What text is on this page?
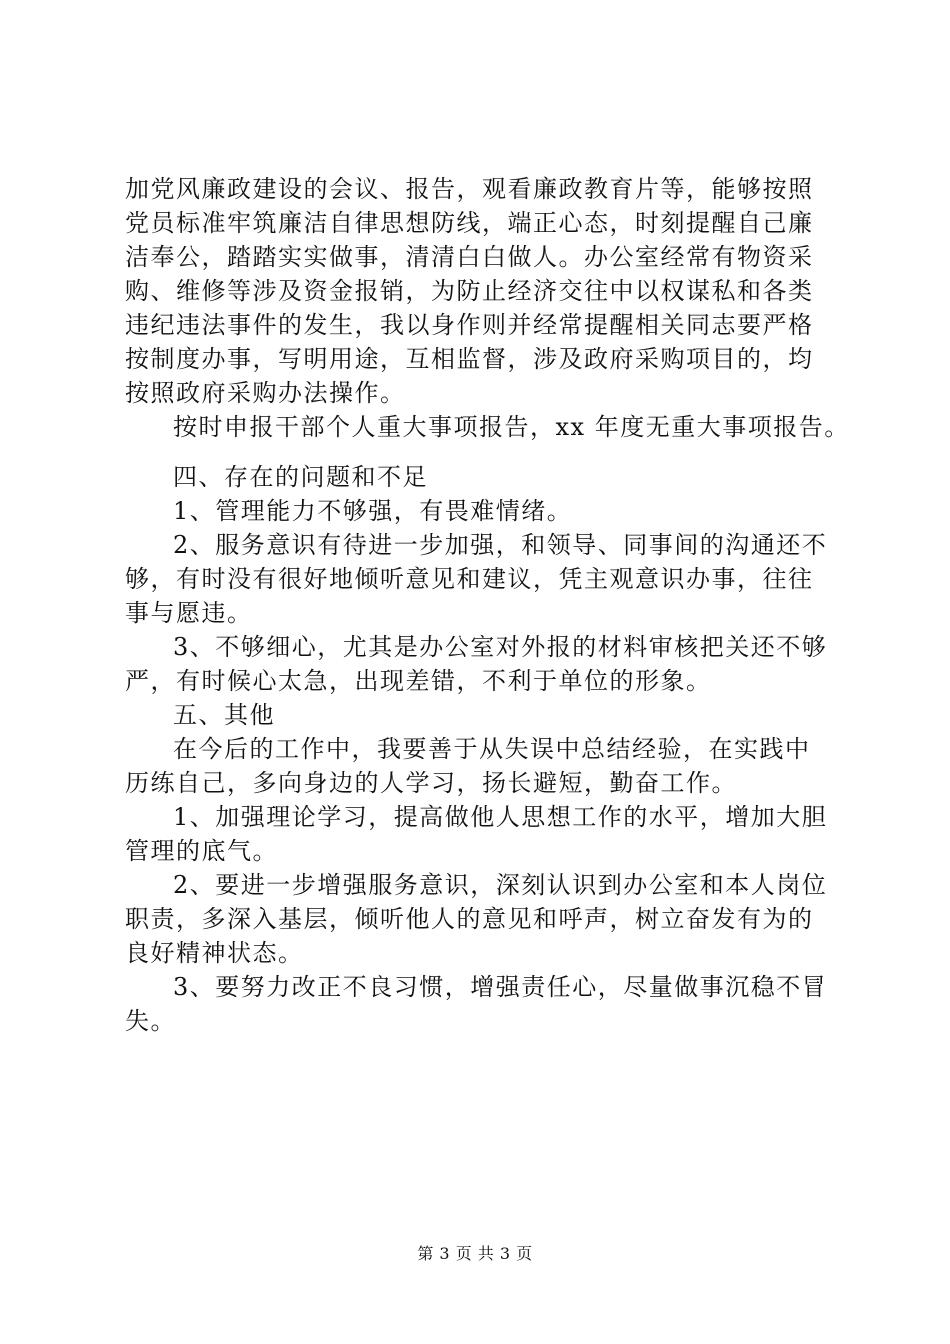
加党风廉政建设的会议、报告，观看廉政教育片等，能够按照
党员标准牢筑廉洁自律思想防线，端正心态，时刻提醒自己廉
洁奉公，踏踏实实做事，清清白白做人。办公室经常有物资采
购、维修等涉及资金报销，为防止经济交往中以权谋私和各类
违纪违法事件的发生，我以身作则并经常提醒相关同志要严格
按制度办事，写明用途，互相监督，涉及政府采购项目的，均
按照政府采购办法操作。
按时申报干部个人重大事项报告，xx 年度无重大事项报告。
四、存在的问题和不足
1、管理能力不够强，有畏难情绪。
2、服务意识有待进一步加强，和领导、同事间的沟通还不
够，有时没有很好地倾听意见和建议，凭主观意识办事，往往
事与愿违。
3、不够细心，尤其是办公室对外报的材料审核把关还不够
严，有时候心太急，出现差错，不利于单位的形象。
五、其他
在今后的工作中，我要善于从失误中总结经验，在实践中
历练自己，多向身边的人学习，扬长避短，勤奋工作。
1、加强理论学习，提高做他人思想工作的水平，增加大胆
管理的底气。
2、要进一步增强服务意识，深刻认识到办公室和本人岗位
职责，多深入基层，倾听他人的意见和呼声，树立奋发有为的
良好精神状态。
3、要努力改正不良习惯，增强责任心，尽量做事沉稳不冒
失。
第 3 页 共 3 页
